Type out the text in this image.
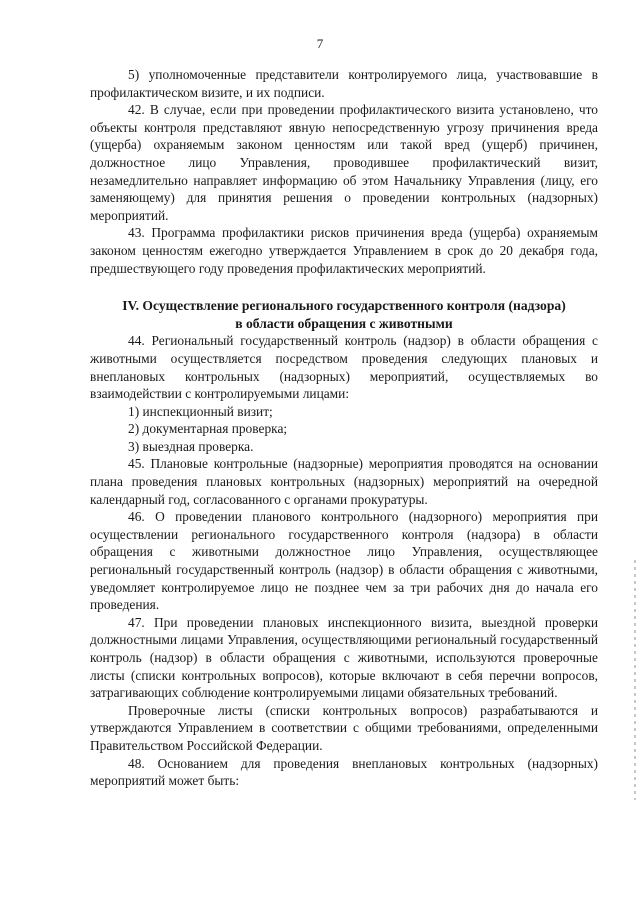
7

5) уполномоченные представители контролируемого лица, участвовавшие в профилактическом визите, и их подписи.

42. В случае, если при проведении профилактического визита установлено, что объекты контроля представляют явную непосредственную угрозу причинения вреда (ущерба) охраняемым законом ценностям или такой вред (ущерб) причинен, должностное лицо Управления, проводившее профилактический визит, незамедлительно направляет информацию об этом Начальнику Управления (лицу, его заменяющему) для принятия решения о проведении контрольных (надзорных) мероприятий.

43. Программа профилактики рисков причинения вреда (ущерба) охраняемым законом ценностям ежегодно утверждается Управлением в срок до 20 декабря года, предшествующего году проведения профилактических мероприятий.

IV. Осуществление регионального государственного контроля (надзора)
в области обращения с животными

44. Региональный государственный контроль (надзор) в области обращения с животными осуществляется посредством проведения следующих плановых и внеплановых контрольных (надзорных) мероприятий, осуществляемых во взаимодействии с контролируемыми лицами:

1) инспекционный визит;

2) документарная проверка;

3) выездная проверка.

45. Плановые контрольные (надзорные) мероприятия проводятся на основании плана проведения плановых контрольных (надзорных) мероприятий на очередной календарный год, согласованного с органами прокуратуры.

46. О проведении планового контрольного (надзорного) мероприятия при осуществлении регионального государственного контроля (надзора) в области обращения с животными должностное лицо Управления, осуществляющее региональный государственный контроль (надзор) в области обращения с животными, уведомляет контролируемое лицо не позднее чем за три рабочих дня до начала его проведения.

47. При проведении плановых инспекционного визита, выездной проверки должностными лицами Управления, осуществляющими региональный государственный контроль (надзор) в области обращения с животными, используются проверочные листы (списки контрольных вопросов), которые включают в себя перечни вопросов, затрагивающих соблюдение контролируемыми лицами обязательных требований.

Проверочные листы (списки контрольных вопросов) разрабатываются и утверждаются Управлением в соответствии с общими требованиями, определенными Правительством Российской Федерации.

48. Основанием для проведения внеплановых контрольных (надзорных) мероприятий может быть:
